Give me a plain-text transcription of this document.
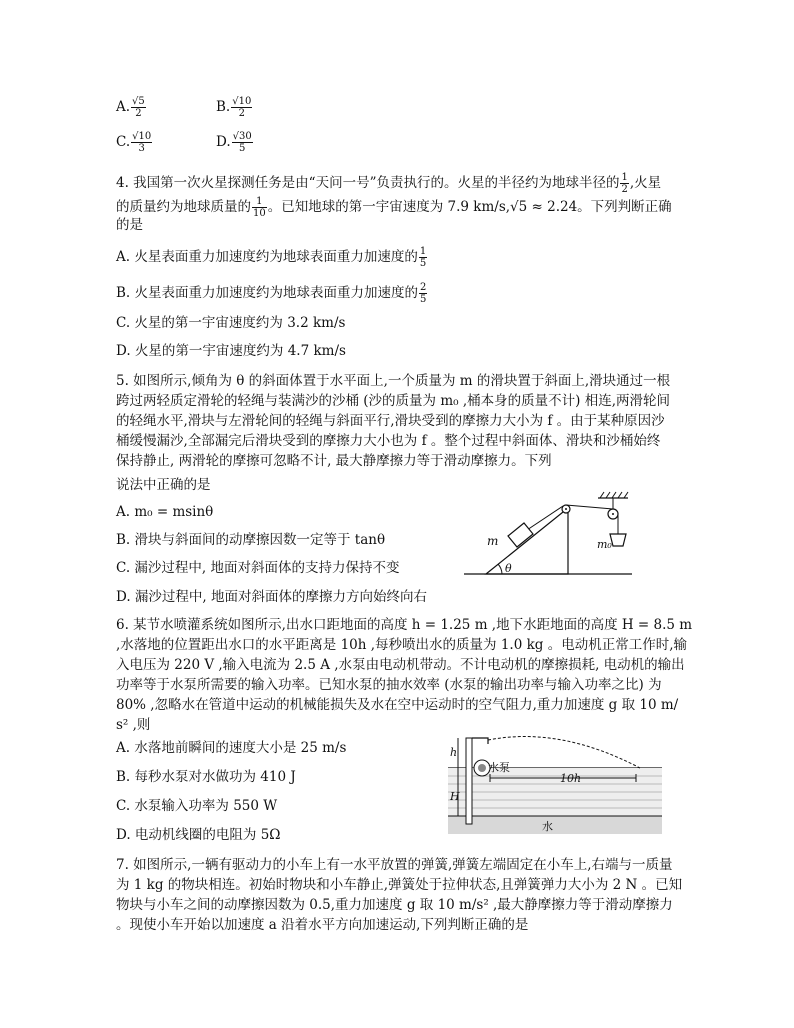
A. $\frac{√5}{2}$	B. $\frac{√10}{2}$
C. $\frac{√10}{3}$	D. $\frac{√30}{5}$
4. 我国第一次火星探测任务是由“天问一号”负责执行的。火星的半径约为地球半径的 $\frac{1}{2}$ ,火星
的质量约为地球质量的 $\frac{1}{10}$ 。已知地球的第一宇宙速度为 7.9 km/s,√5 ≈ 2.24。下列判断正确
的是
A. 火星表面重力加速度约为地球表面重力加速度的 $\frac{1}{5}$
B. 火星表面重力加速度约为地球表面重力加速度的 $\frac{2}{5}$
C. 火星的第一宇宙速度约为 3.2 km/s
D. 火星的第一宇宙速度约为 4.7 km/s
5. 如图所示,倾角为 θ 的斜面体置于水平面上,一个质量为 m 的滑块置于斜面上,滑块通过一根
跨过两轻质定滑轮的轻绳与装满沙的沙桶 (沙的质量为 m₀ ,桶本身的质量不计) 相连,两滑轮间
的轻绳水平,滑块与左滑轮间的轻绳与斜面平行,滑块受到的摩擦力大小为 f 。由于某种原因沙
桶缓慢漏沙,全部漏完后滑块受到的摩擦力大小也为 f 。整个过程中斜面体、滑块和沙桶始终
保持静止, 两滑轮的摩擦可忽略不计, 最大静摩擦力等于滑动摩擦力。下列
说法中正确的是
A. m₀ = msinθ
B. 滑块与斜面间的动摩擦因数一定等于 tanθ
C. 漏沙过程中, 地面对斜面体的支持力保持不变
D. 漏沙过程中, 地面对斜面体的摩擦力方向始终向右
m	m₀
θ
6. 某节水喷灌系统如图所示,出水口距地面的高度 h = 1.25 m ,地下水距地面的高度 H = 8.5 m
,水落地的位置距出水口的水平距离是 10h ,每秒喷出水的质量为 1.0 kg 。电动机正常工作时,输
入电压为 220 V ,输入电流为 2.5 A ,水泵由电动机带动。不计电动机的摩擦损耗, 电动机的输出
功率等于水泵所需要的输入功率。已知水泵的抽水效率 (水泵的输出功率与输入功率之比) 为
80% ,忽略水在管道中运动的机械能损失及水在空中运动时的空气阻力,重力加速度 g 取 10 m/
s² ,则
A. 水落地前瞬间的速度大小是 25 m/s
B. 每秒水泵对水做功为 410 J
C. 水泵输入功率为 550 W
D. 电动机线圈的电阻为 5Ω
h
H
水泵
10h
水
7. 如图所示,一辆有驱动力的小车上有一水平放置的弹簧,弹簧左端固定在小车上,右端与一质量
为 1 kg 的物块相连。初始时物块和小车静止,弹簧处于拉伸状态,且弹簧弹力大小为 2 N 。已知
物块与小车之间的动摩擦因数为 0.5,重力加速度 g 取 10 m/s² ,最大静摩擦力等于滑动摩擦力
。现使小车开始以加速度 a 沿着水平方向加速运动,下列判断正确的是
